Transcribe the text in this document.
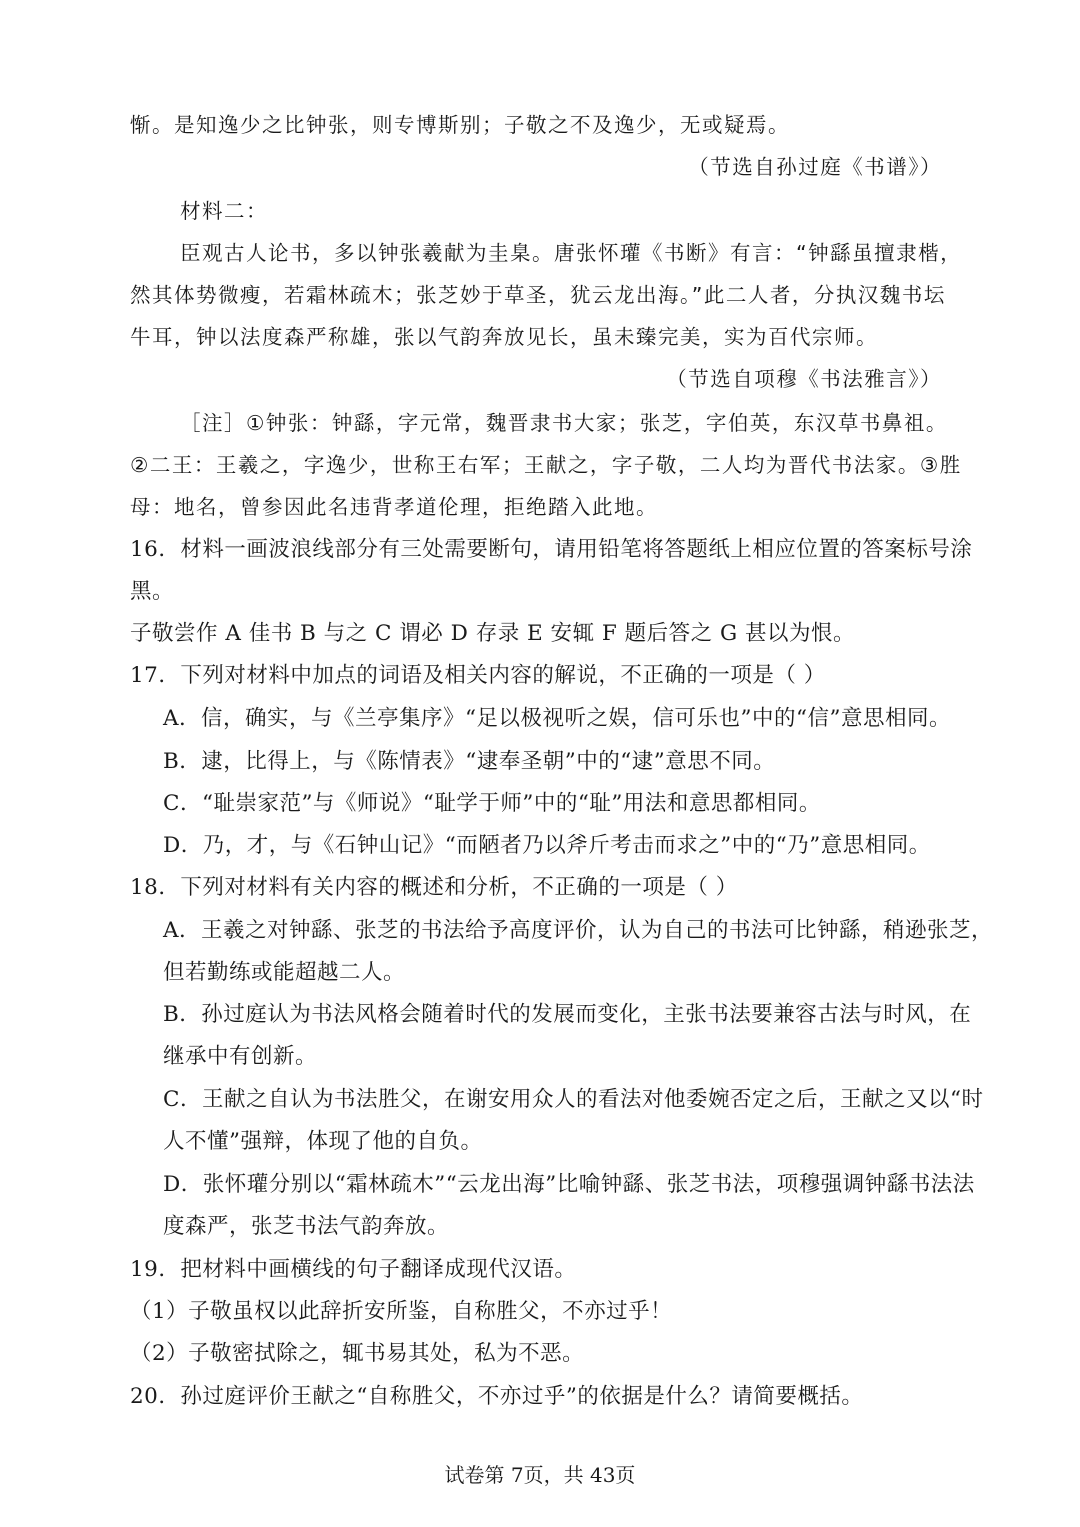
惭。是知逸少之比钟张，则专博斯别；子敬之不及逸少，无或疑焉。
（节选自孙过庭《书谱》）
材料二：
臣观古人论书，多以钟张羲献为圭臬。唐张怀瓘《书断》有言：“钟繇虽擅隶楷，
然其体势微瘦，若霜林疏木；张芝妙于草圣，犹云龙出海。”此二人者，分执汉魏书坛
牛耳，钟以法度森严称雄，张以气韵奔放见长，虽未臻完美，实为百代宗师。
（节选自项穆《书法雅言》）
［注］①钟张：钟繇，字元常，魏晋隶书大家；张芝，字伯英，东汉草书鼻祖。
②二王：王羲之，字逸少，世称王右军；王献之，字子敬，二人均为晋代书法家。③胜
母：地名，曾参因此名违背孝道伦理，拒绝踏入此地。
16．材料一画波浪线部分有三处需要断句，请用铅笔将答题纸上相应位置的答案标号涂
黑。
子敬尝作 A 佳书 B 与之 C 谓必 D 存录 E 安辄 F 题后答之 G 甚以为恨。
17．下列对材料中加点的词语及相关内容的解说，不正确的一项是（ ）
A．信，确实，与《兰亭集序》“足以极视听之娱，信可乐也”中的“信”意思相同。
B．逮，比得上，与《陈情表》“逮奉圣朝”中的“逮”意思不同。
C．“耻崇家范”与《师说》“耻学于师”中的“耻”用法和意思都相同。
D．乃，才，与《石钟山记》“而陋者乃以斧斤考击而求之”中的“乃”意思相同。
18．下列对材料有关内容的概述和分析，不正确的一项是（ ）
A．王羲之对钟繇、张芝的书法给予高度评价，认为自己的书法可比钟繇，稍逊张芝，
但若勤练或能超越二人。
B．孙过庭认为书法风格会随着时代的发展而变化，主张书法要兼容古法与时风，在
继承中有创新。
C．王献之自认为书法胜父，在谢安用众人的看法对他委婉否定之后，王献之又以“时
人不懂”强辩，体现了他的自负。
D．张怀瓘分别以“霜林疏木”“云龙出海”比喻钟繇、张芝书法，项穆强调钟繇书法法
度森严，张芝书法气韵奔放。
19．把材料中画横线的句子翻译成现代汉语。
（1）子敬虽权以此辞折安所鉴，自称胜父，不亦过乎！
（2）子敬密拭除之，辄书易其处，私为不恶。
20．孙过庭评价王献之“自称胜父，不亦过乎”的依据是什么？请简要概括。
试卷第 7页，共 43页
